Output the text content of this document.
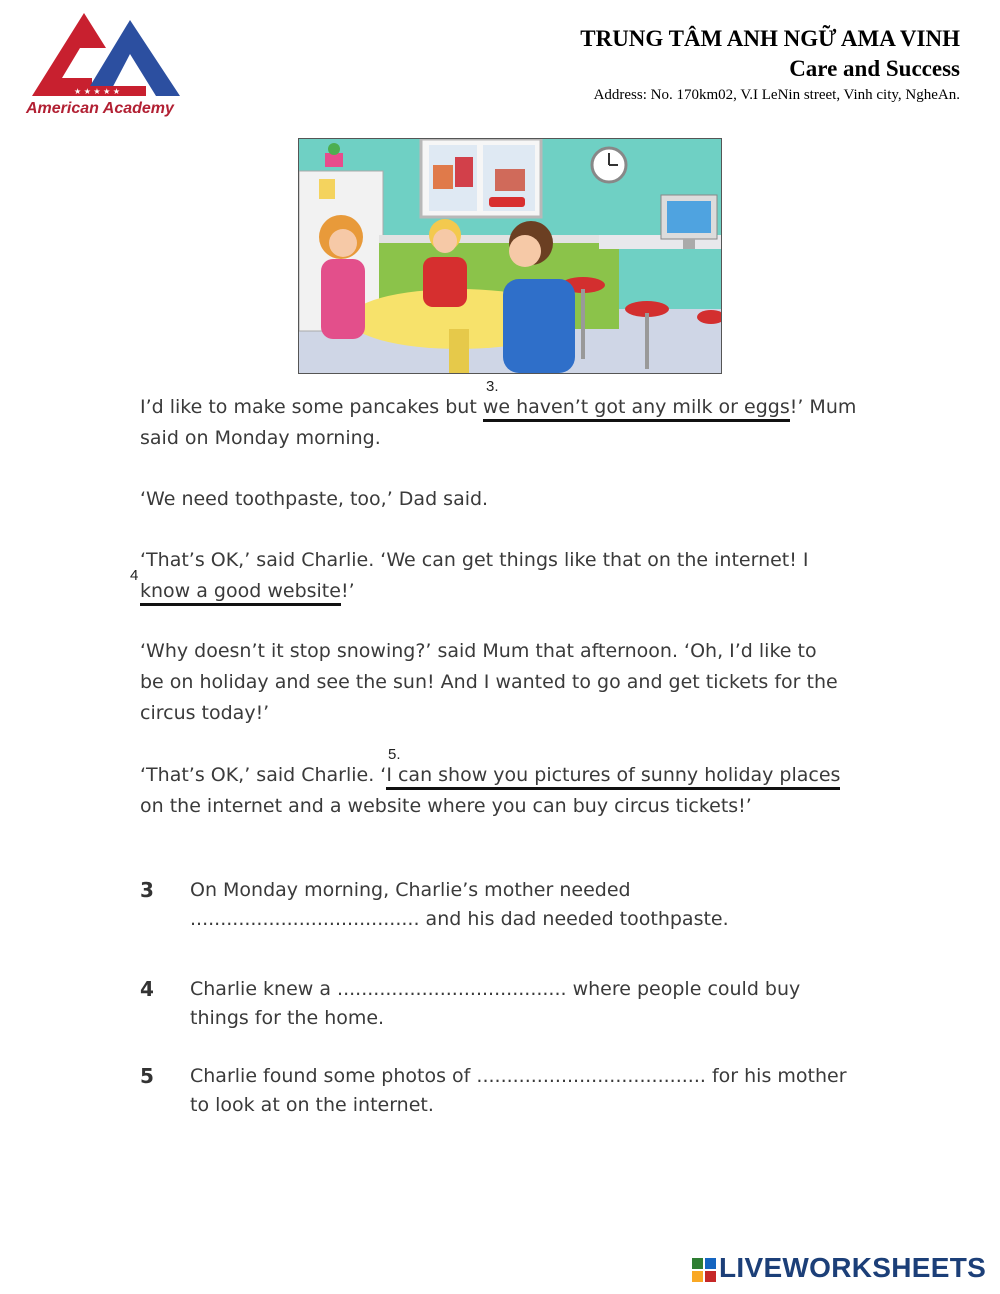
★ ★ ★ ★ ★
American Academy
TRUNG TÂM ANH NGỮ AMA VINH
Care and Success
Address: No. 170km02, V.I LeNin street, Vinh city, NgheAn.
3.
I’d like to make some pancakes but we haven’t got any milk or eggs!’ Mum
said on Monday morning.
‘We need toothpaste, too,’ Dad said.
‘That’s OK,’ said Charlie. ‘We can get things like that on the internet! I
know a good website!’
4
‘Why doesn’t it stop snowing?’ said Mum that afternoon. ‘Oh, I’d like to
be on holiday and see the sun! And I wanted to go and get tickets for the
circus today!’
5.
‘That’s OK,’ said Charlie. ‘I can show you pictures of sunny holiday places
on the internet and a website where you can buy circus tickets!’
3 On Monday morning, Charlie’s mother needed
...................................... and his dad needed toothpaste.
4 Charlie knew a ...................................... where people could buy
things for the home.
5 Charlie found some photos of ...................................... for his mother
to look at on the internet.
LIVEWORKSHEETS
